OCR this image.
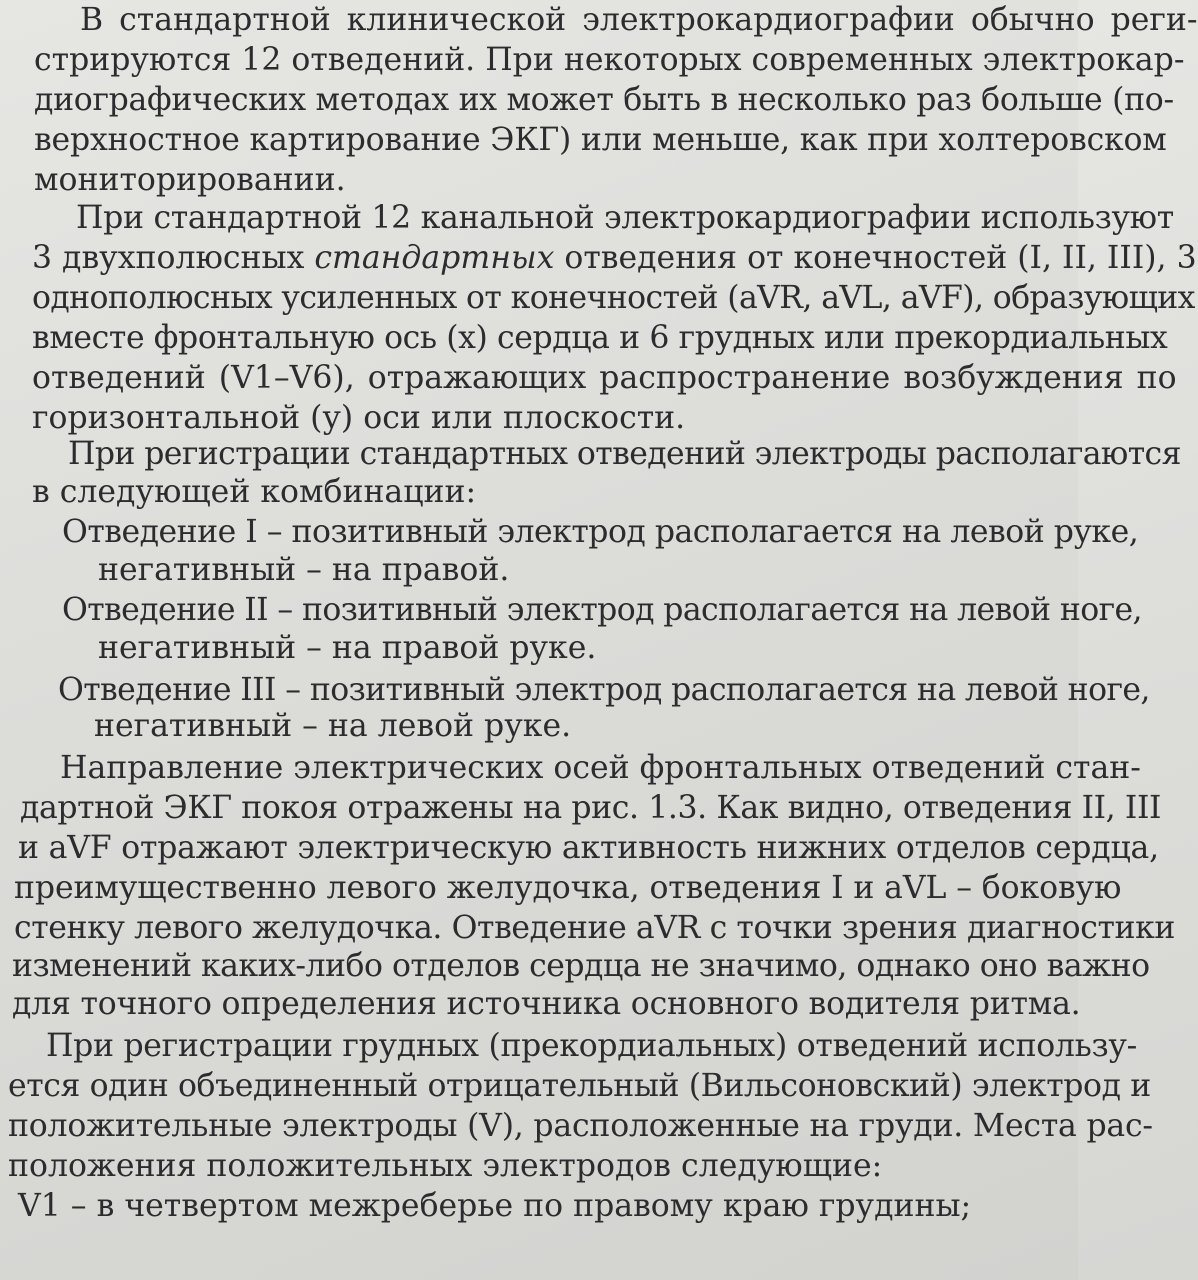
В стандартной клинической электрокардиографии обычно реги-
стрируются 12 отведений. При некоторых современных электрокар-
диографических методах их может быть в несколько раз больше (по-
верхностное картирование ЭКГ) или меньше, как при холтеровском
мониторировании.
При стандартной 12 канальной электрокардиографии используют
3 двухполюсных стандартных отведения от конечностей (I, II, III), 3
однополюсных усиленных от конечностей (aVR, aVL, aVF), образующих
вместе фронтальную ось (х) сердца и 6 грудных или прекордиальных
отведений (V1–V6), отражающих распространение возбуждения по
горизонтальной (у) оси или плоскости.
При регистрации стандартных отведений электроды располагаются
в следующей комбинации:
Отведение I – позитивный электрод располагается на левой руке,
негативный – на правой.
Отведение II – позитивный электрод располагается на левой ноге,
негативный – на правой руке.
Отведение III – позитивный электрод располагается на левой ноге,
негативный – на левой руке.
Направление электрических осей фронтальных отведений стан-
дартной ЭКГ покоя отражены на рис. 1.3. Как видно, отведения II, III
и aVF отражают электрическую активность нижних отделов сердца,
преимущественно левого желудочка, отведения I и aVL – боковую
стенку левого желудочка. Отведение aVR с точки зрения диагностики
изменений каких-либо отделов сердца не значимо, однако оно важно
для точного определения источника основного водителя ритма.
При регистрации грудных (прекордиальных) отведений использу-
ется один объединенный отрицательный (Вильсоновский) электрод и
положительные электроды (V), расположенные на груди. Места рас-
положения положительных электродов следующие:
V1 – в четвертом межреберье по правому краю грудины;
